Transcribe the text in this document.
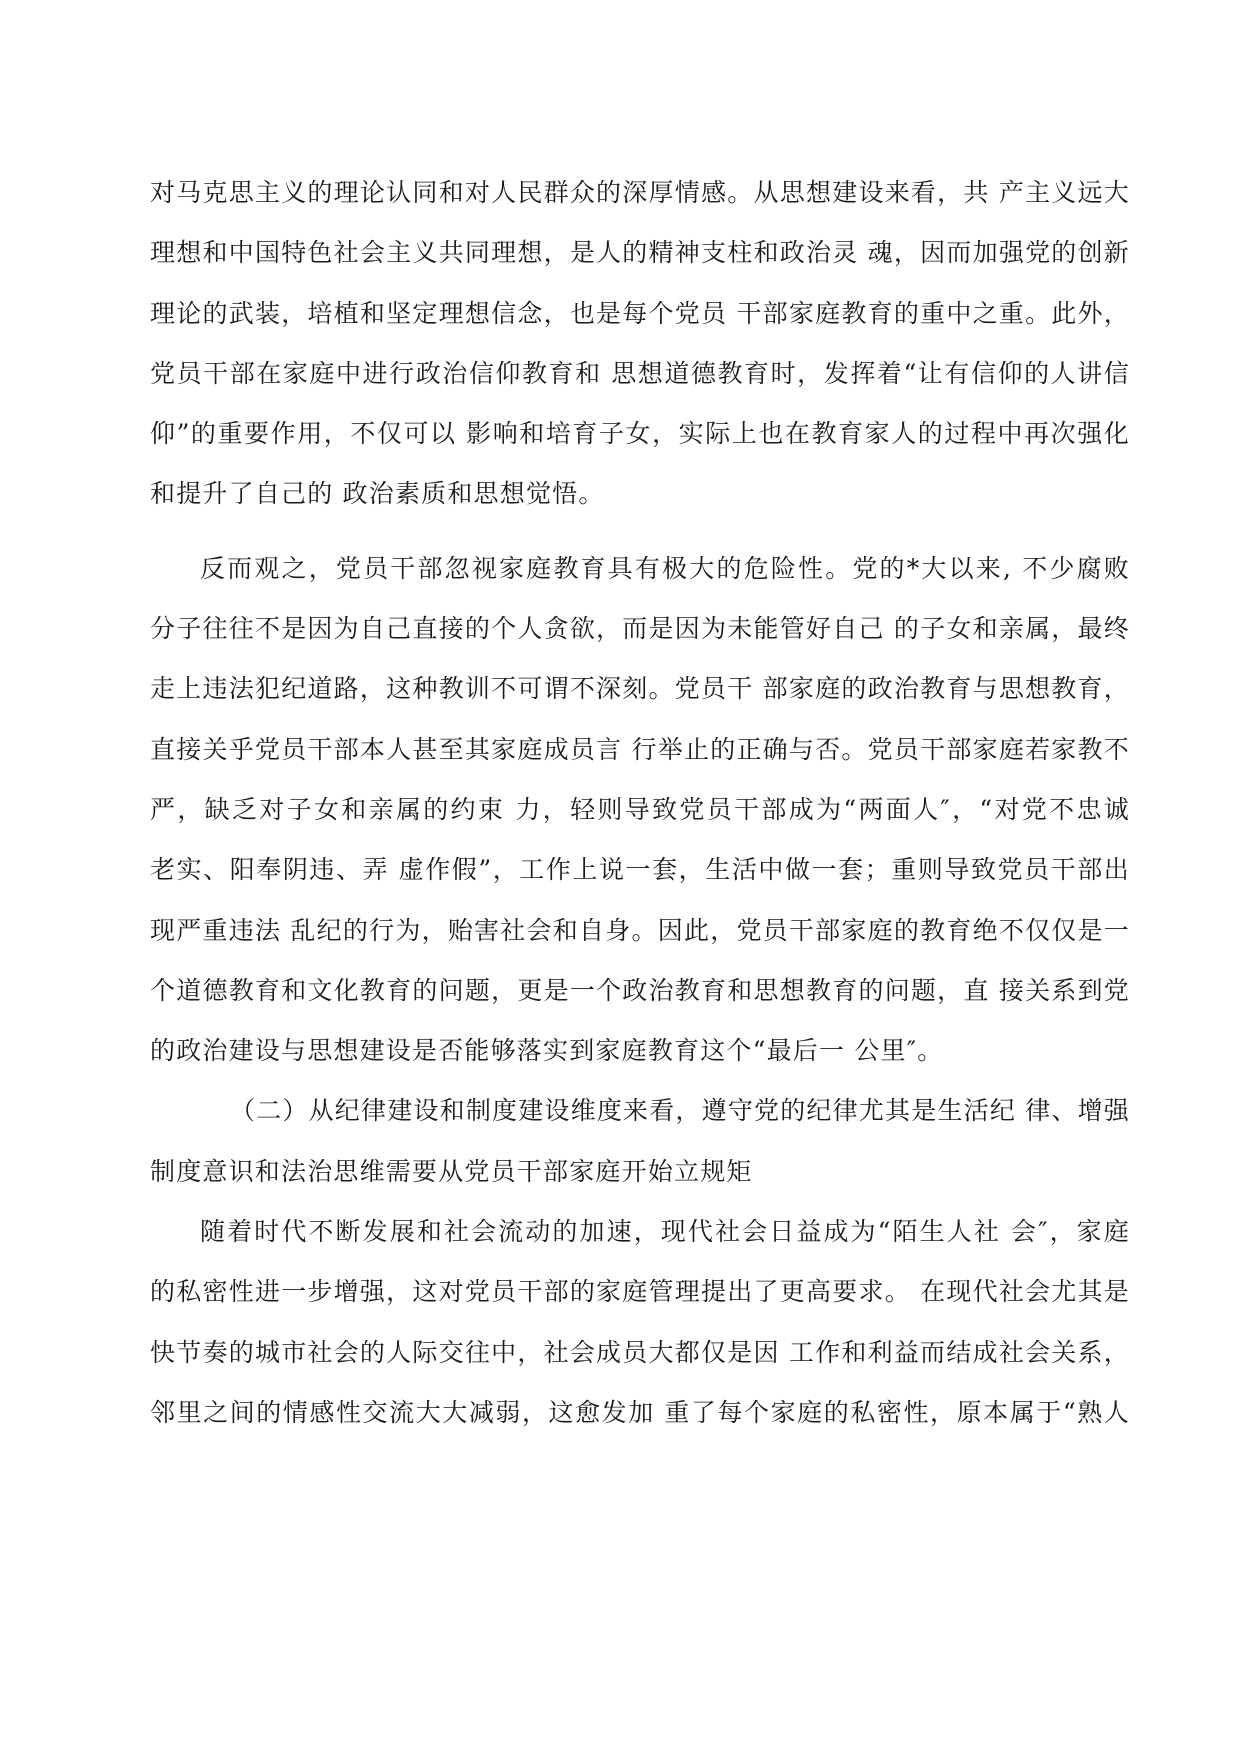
对马克思主义的理论认同和对人民群众的深厚情感。从思想建设来看，共 产主义远大
理想和中国特色社会主义共同理想，是人的精神支柱和政治灵 魂，因而加强党的创新
理论的武装，培植和坚定理想信念，也是每个党员 干部家庭教育的重中之重。此外，
党员干部在家庭中进行政治信仰教育和 思想道德教育时，发挥着“让有信仰的人讲信
仰”的重要作用，不仅可以 影响和培育子女，实际上也在教育家人的过程中再次强化
和提升了自己的 政治素质和思想觉悟。
反而观之，党员干部忽视家庭教育具有极大的危险性。党的*大以来, 不少腐败
分子往往不是因为自己直接的个人贪欲，而是因为未能管好自己 的子女和亲属，最终
走上违法犯纪道路，这种教训不可谓不深刻。党员干 部家庭的政治教育与思想教育，
直接关乎党员干部本人甚至其家庭成员言 行举止的正确与否。党员干部家庭若家教不
严，缺乏对子女和亲属的约束 力，轻则导致党员干部成为“两面人″，“对党不忠诚
老实、阳奉阴违、弄 虚作假”，工作上说一套，生活中做一套；重则导致党员干部出
现严重违法 乱纪的行为，贻害社会和自身。因此，党员干部家庭的教育绝不仅仅是一
个道德教育和文化教育的问题，更是一个政治教育和思想教育的问题，直 接关系到党
的政治建设与思想建设是否能够落实到家庭教育这个“最后一 公里″。
（二）从纪律建设和制度建设维度来看，遵守党的纪律尤其是生活纪 律、增强
制度意识和法治思维需要从党员干部家庭开始立规矩
随着时代不断发展和社会流动的加速，现代社会日益成为“陌生人社 会″，家庭
的私密性进一步增强，这对党员干部的家庭管理提出了更高要求。 在现代社会尤其是
快节奏的城市社会的人际交往中，社会成员大都仅是因 工作和利益而结成社会关系，
邻里之间的情感性交流大大减弱，这愈发加 重了每个家庭的私密性，原本属于“熟人
